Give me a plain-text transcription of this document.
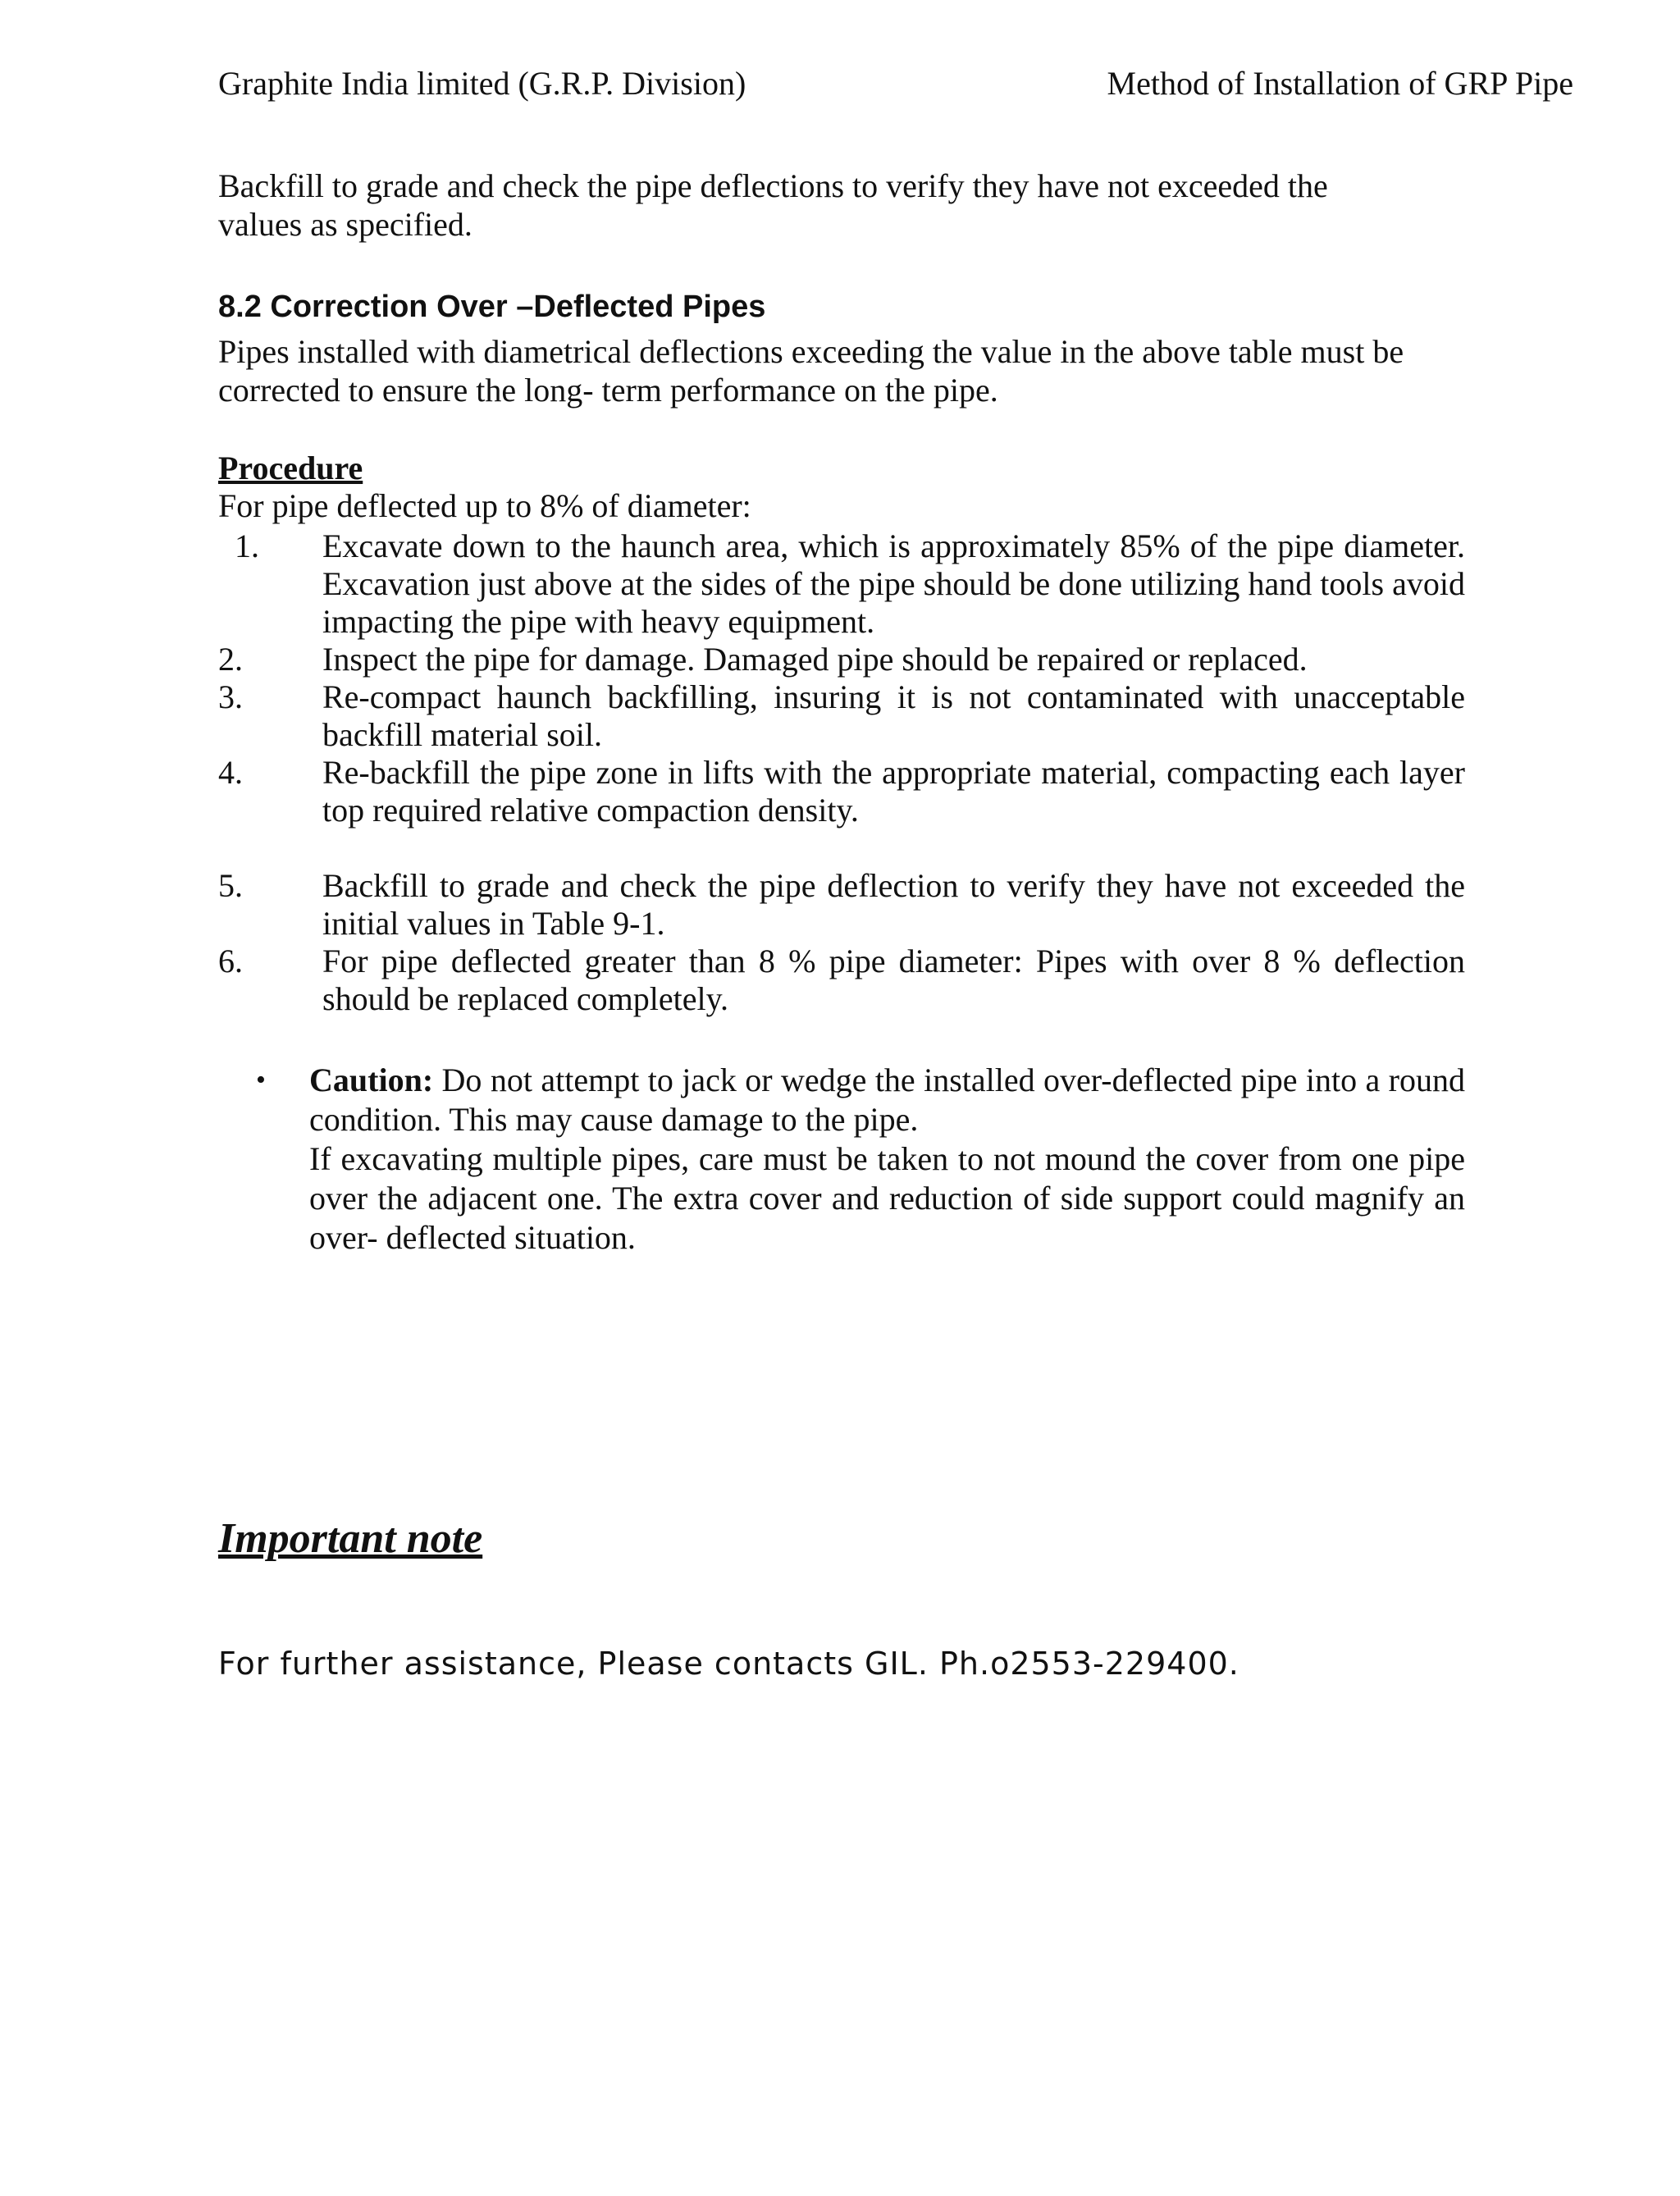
Graphite India limited (G.R.P. Division)	Method of Installation of GRP Pipe

Backfill to grade and check the pipe deflections to verify they have not exceeded the

values as specified.

8.2 Correction Over –Deflected Pipes

Pipes installed with diametrical deflections exceeding the value in the above table must be

corrected to ensure the long- term performance on the pipe.

Procedure

For pipe deflected up to 8% of diameter:

1. Excavate down to the haunch area, which is approximately 85% of the pipe diameter. Excavation just above at the sides of the pipe should be done utilizing hand tools avoid impacting the pipe with heavy equipment.
2. Inspect the pipe for damage. Damaged pipe should be repaired or replaced.
3. Re-compact haunch backfilling, insuring it is not contaminated with unacceptable backfill material soil.
4. Re-backfill the pipe zone in lifts with the appropriate material, compacting each layer top required relative compaction density.
5. Backfill to grade and check the pipe deflection to verify they have not exceeded the initial values in Table 9-1.
6. For pipe deflected greater than 8 % pipe diameter: Pipes with over 8 % deflection should be replaced completely.
• Caution: Do not attempt to jack or wedge the installed over-deflected pipe into a round condition. This may cause damage to the pipe.

If excavating multiple pipes, care must be taken to not mound the cover from one pipe over the adjacent one. The extra cover and reduction of side support could magnify an over- deflected situation.

Important note
For further assistance, Please contacts GIL. Ph.o2553-229400.
